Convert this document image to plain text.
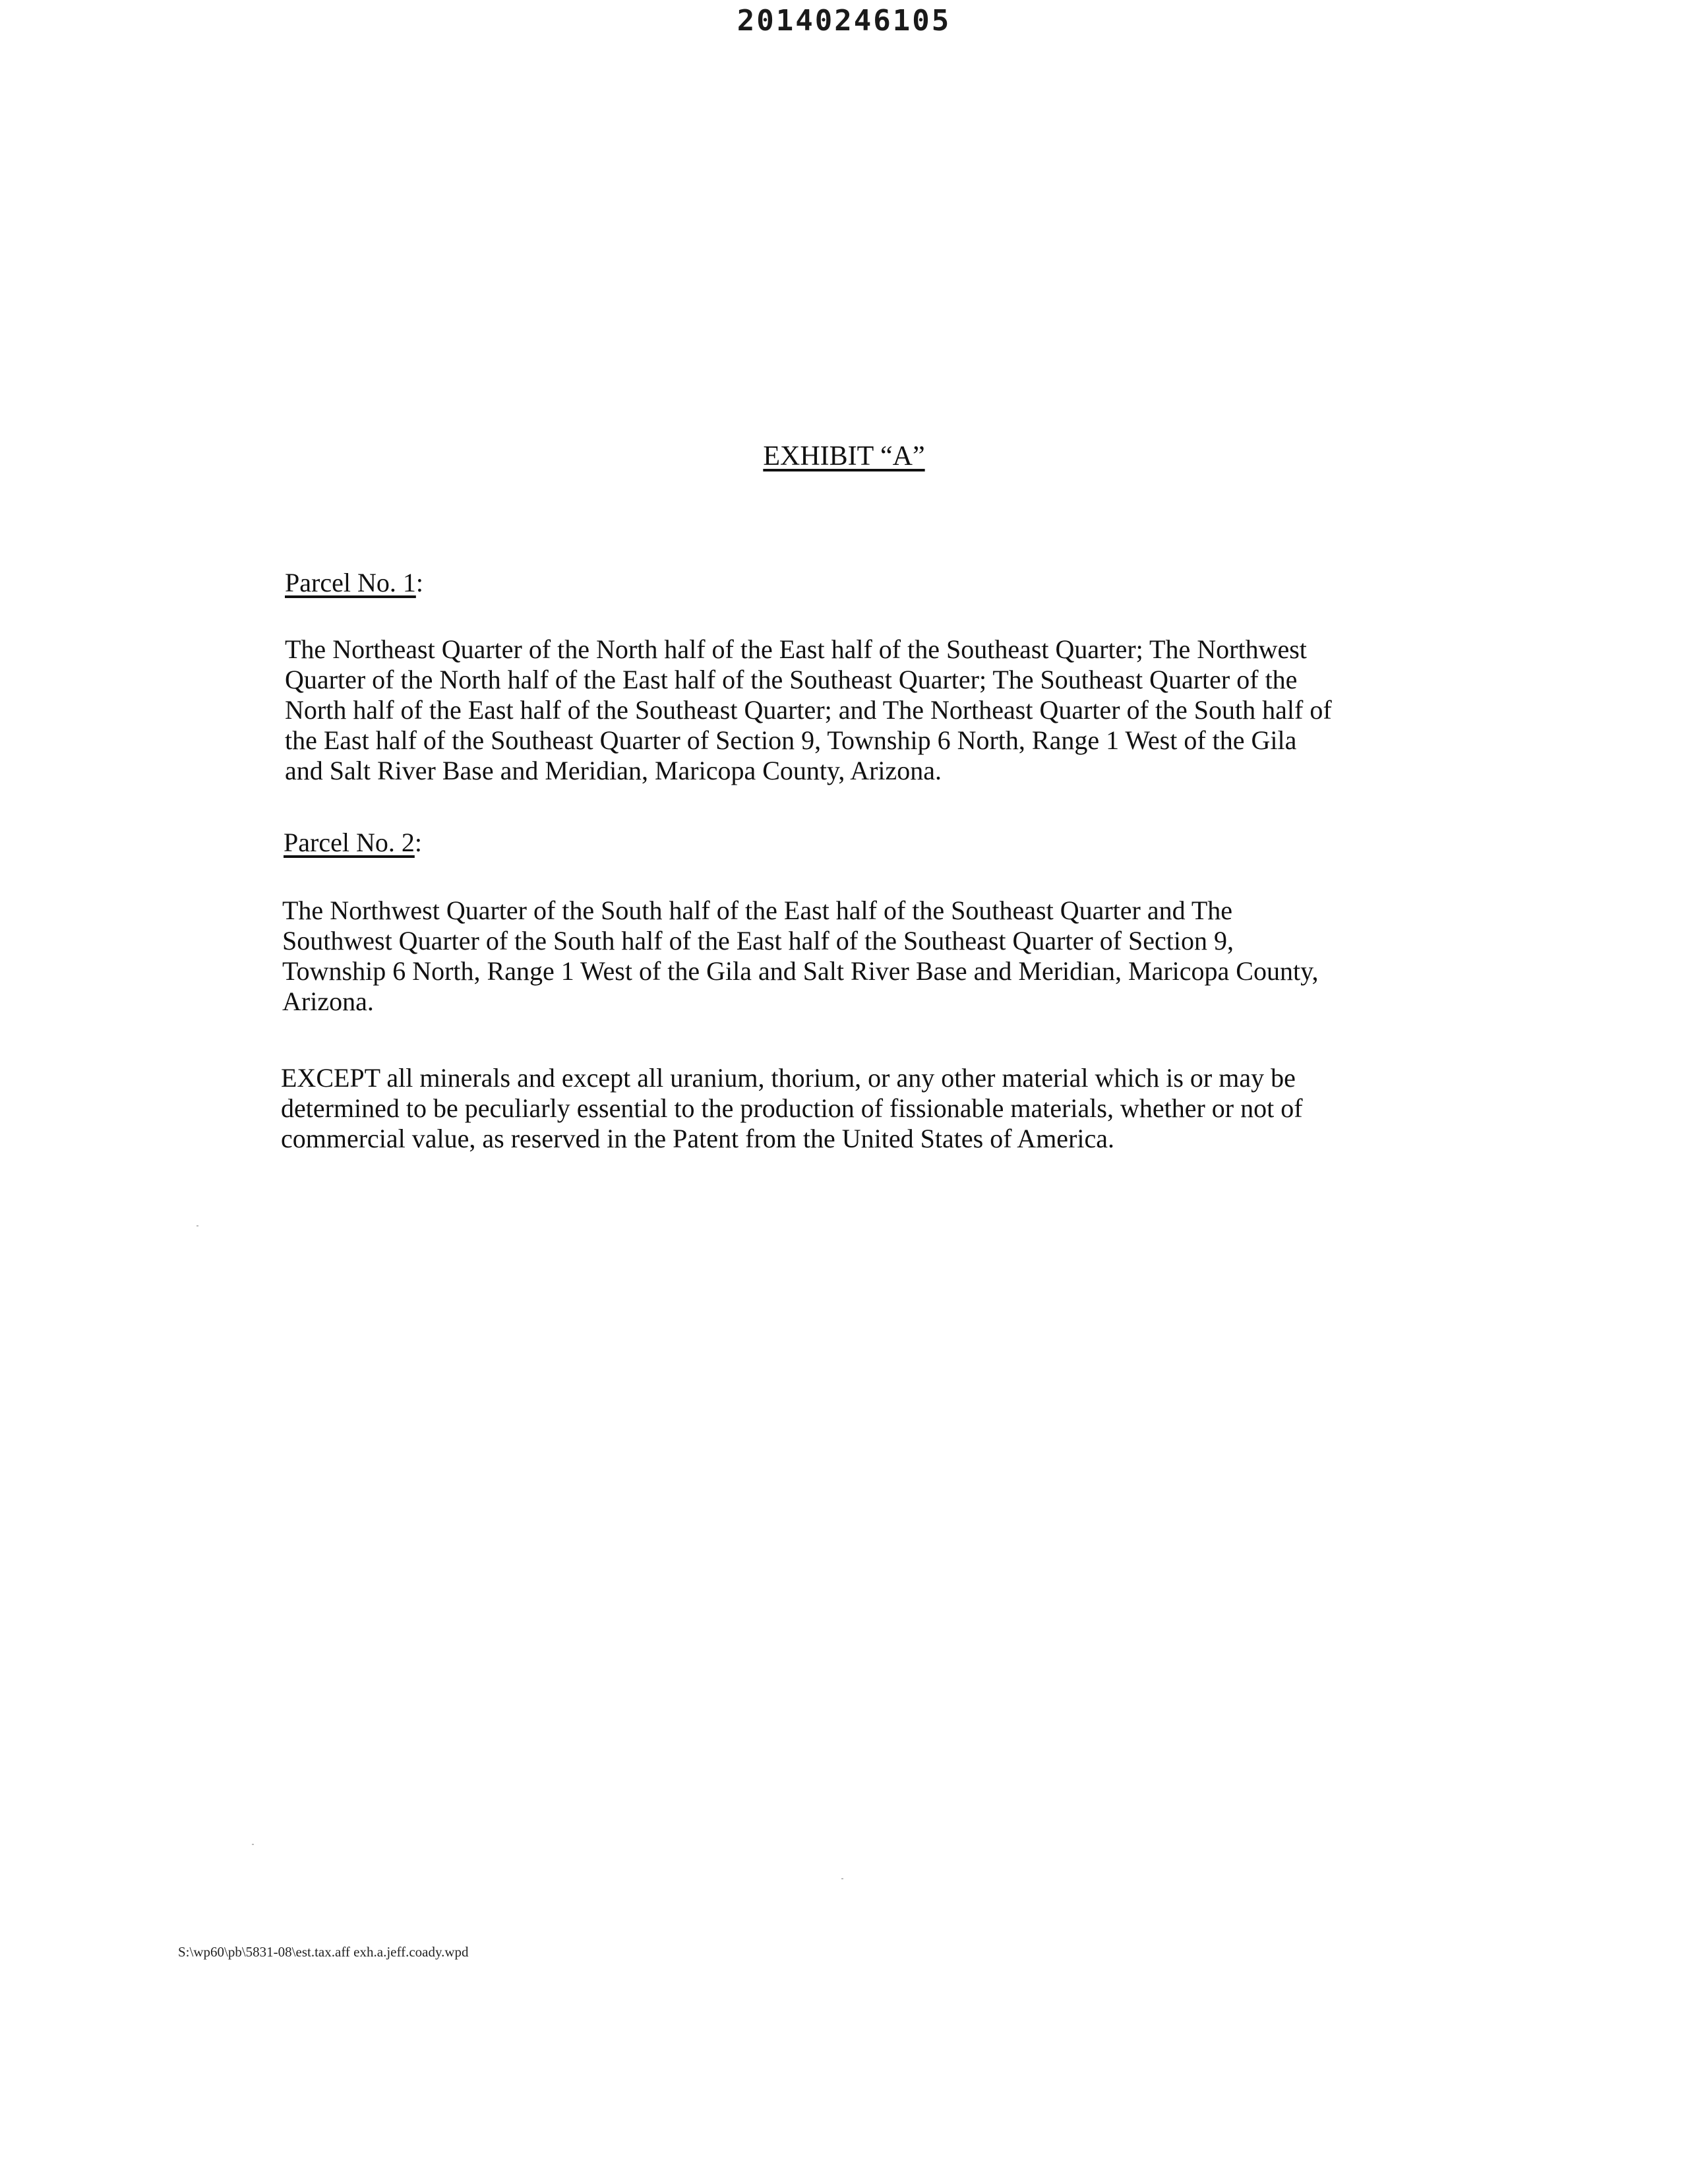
20140246105
EXHIBIT “A”
Parcel No. 1:

The Northeast Quarter of the North half of the East half of the Southeast Quarter; The Northwest
Quarter of the North half of the East half of the Southeast Quarter; The Southeast Quarter of the
North half of the East half of the Southeast Quarter; and The Northeast Quarter of the South half of
the East half of the Southeast Quarter of Section 9, Township 6 North, Range 1 West of the Gila
and Salt River Base and Meridian, Maricopa County, Arizona.

Parcel No. 2:

The Northwest Quarter of the South half of the East half of the Southeast Quarter and The
Southwest Quarter of the South half of the East half of the Southeast Quarter of Section 9,
Township 6 North, Range 1 West of the Gila and Salt River Base and Meridian, Maricopa County,
Arizona.

EXCEPT all minerals and except all uranium, thorium, or any other material which is or may be
determined to be peculiarly essential to the production of fissionable materials, whether or not of
commercial value, as reserved in the Patent from the United States of America.

S:\wp60\pb\5831-08\est.tax.aff exh.a.jeff.coady.wpd
